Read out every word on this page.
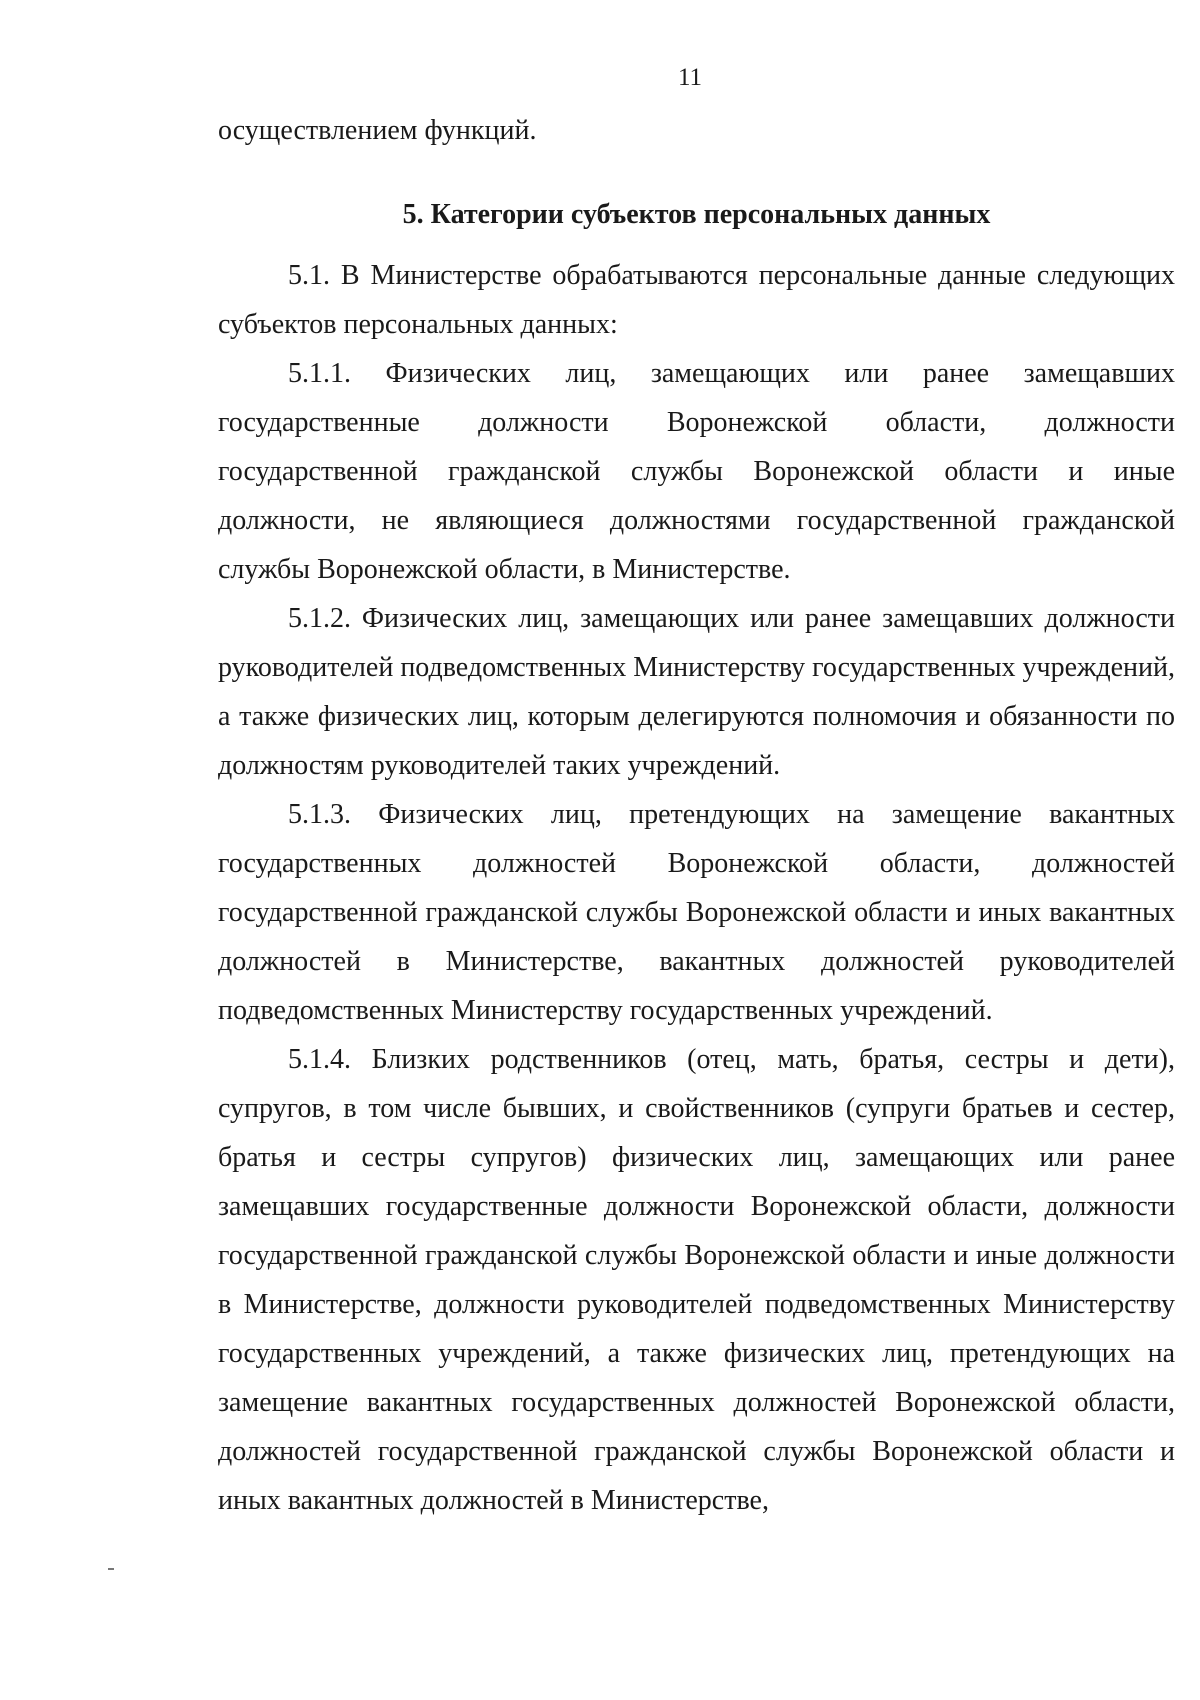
11

осуществлением функций.

5. Категории субъектов персональных данных

5.1. В Министерстве обрабатываются персональные данные следующих субъектов персональных данных:

5.1.1. Физических лиц, замещающих или ранее замещавших государственные должности Воронежской области, должности государственной гражданской службы Воронежской области и иные должности, не являющиеся должностями государственной гражданской службы Воронежской области, в Министерстве.

5.1.2. Физических лиц, замещающих или ранее замещавших должности руководителей подведомственных Министерству государственных учреждений, а также физических лиц, которым делегируются полномочия и обязанности по должностям руководителей таких учреждений.

5.1.3. Физических лиц, претендующих на замещение вакантных государственных должностей Воронежской области, должностей государственной гражданской службы Воронежской области и иных вакантных должностей в Министерстве, вакантных должностей руководителей подведомственных Министерству государственных учреждений.

5.1.4. Близких родственников (отец, мать, братья, сестры и дети), супругов, в том числе бывших, и свойственников (супруги братьев и сестер, братья и сестры супругов) физических лиц, замещающих или ранее замещавших государственные должности Воронежской области, должности государственной гражданской службы Воронежской области и иные должности в Министерстве, должности руководителей подведомственных Министерству государственных учреждений, а также физических лиц, претендующих на замещение вакантных государственных должностей Воронежской области, должностей государственной гражданской службы Воронежской области и иных вакантных должностей в Министерстве,
